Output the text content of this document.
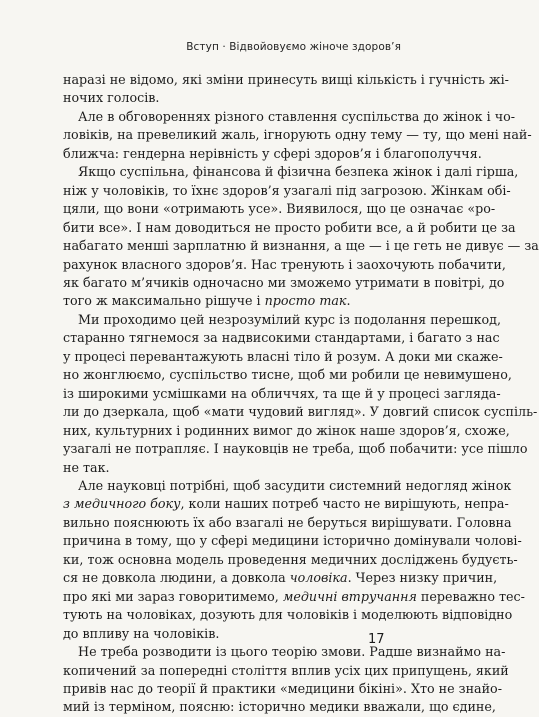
Вступ · Відвойовуємо жіноче здоров’я
наразі не відомо, які зміни принесуть вищі кількість і гучність жі-
ночих голосів.
Але в обговореннях різного ставлення суспільства до жінок і чо-
ловіків, на превеликий жаль, ігнорують одну тему — ту, що мені най-
ближча: гендерна нерівність у сфері здоров’я і благополуччя.
Якщо суспільна, фінансова й фізична безпека жінок і далі гірша,
ніж у чоловіків, то їхнє здоров’я узагалі під загрозою. Жінкам обі-
цяли, що вони «отримають усе». Виявилося, що це означає «ро-
бити все». І нам доводиться не просто робити все, а й робити це за
набагато менші зарплатню й визнання, а ще — і це геть не дивує — за
рахунок власного здоров’я. Нас тренують і заохочують побачити,
як багато м’ячиків одночасно ми зможемо утримати в повітрі, до
того ж максимально рішуче і просто так.
Ми проходимо цей незрозумілий курс із подолання перешкод,
старанно тягнемося за надвисокими стандартами, і багато з нас
у процесі перевантажують власні тіло й розум. А доки ми скаже-
но жонглюємо, суспільство тисне, щоб ми робили це невимушено,
із широкими усмішками на обличчях, та ще й у процесі загляда-
ли до дзеркала, щоб «мати чудовий вигляд». У довгий список суспіль-
них, культурних і родинних вимог до жінок наше здоров’я, схоже,
узагалі не потрапляє. І науковців не треба, щоб побачити: усе пішло
не так.
Але науковці потрібні, щоб засудити системний недогляд жінок
з медичного боку, коли наших потреб часто не вирішують, непра-
вильно пояснюють їх або взагалі не беруться вирішувати. Головна
причина в тому, що у сфері медицини історично домінували чолові-
ки, тож основна модель проведення медичних досліджень будуєть-
ся не довкола людини, а довкола чоловіка. Через низку причин,
про які ми зараз говоритимемо, медичні втручання переважно тес-
тують на чоловіках, дозують для чоловіків і моделюють відповідно
до впливу на чоловіків.
Не треба розводити із цього теорію змови. Радше визнаймо на-
копичений за попередні століття вплив усіх цих припущень, який
привів нас до теорії й практики «медицини бікіні». Хто не знайо-
мий із терміном, поясню: історично медики вважали, що єдине,
17
